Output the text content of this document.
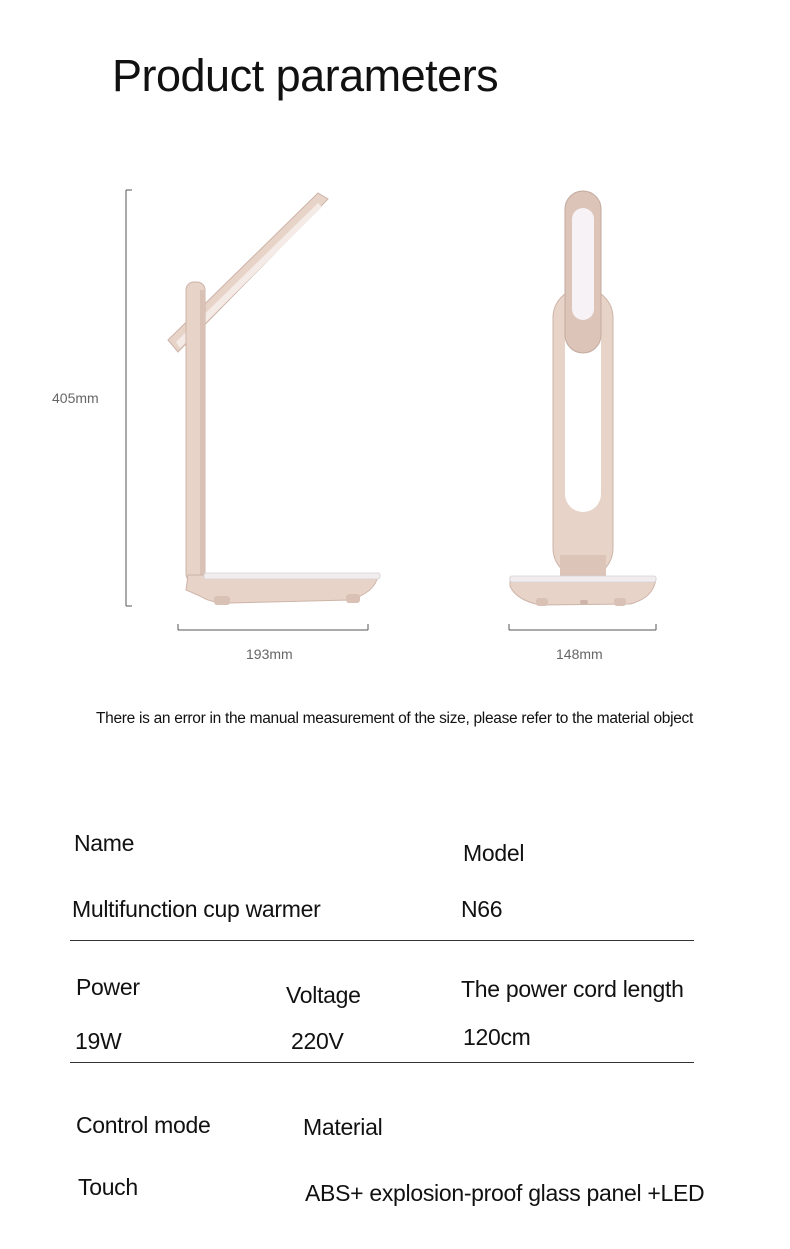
Product parameters
405mm
193mm	148mm
There is an error in the manual measurement of the size, please refer to the material object
Name	Model
Multifunction cup warmer	N66
Power	Voltage	The power cord length
19W	220V	120cm
Control mode	Material
Touch	ABS+ explosion-proof glass panel +LED
